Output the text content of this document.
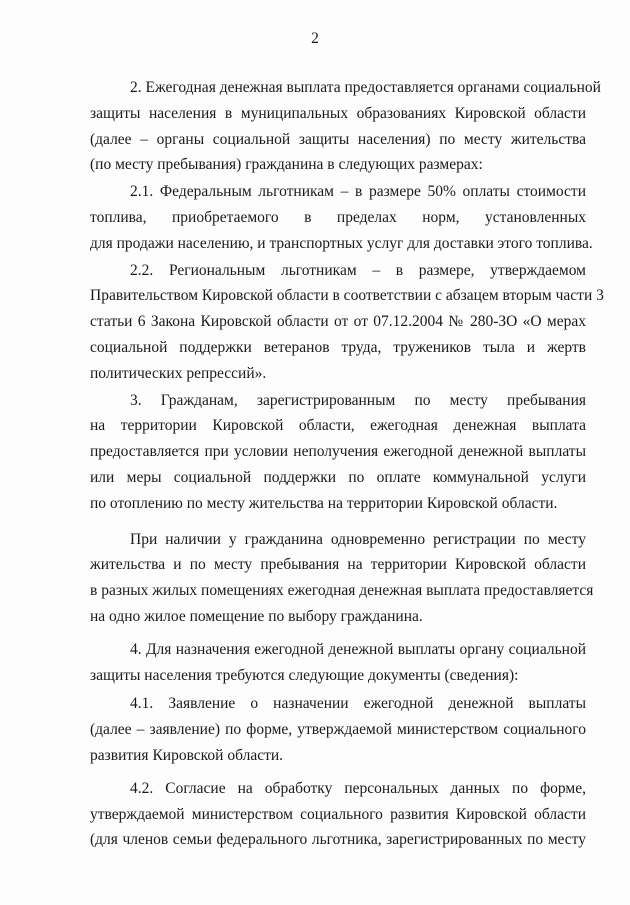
2
2. Ежегодная денежная выплата предоставляется органами социальной
защиты населения в муниципальных образованиях Кировской области
(далее – органы социальной защиты населения) по месту жительства
(по месту пребывания) гражданина в следующих размерах:
2.1. Федеральным льготникам – в размере 50% оплаты стоимости
топлива, приобретаемого в пределах норм, установленных
для продажи населению, и транспортных услуг для доставки этого топлива.
2.2. Региональным льготникам – в размере, утверждаемом
Правительством Кировской области в соответствии с абзацем вторым части 3
статьи 6 Закона Кировской области от от 07.12.2004 № 280-ЗО «О мерах
социальной поддержки ветеранов труда, тружеников тыла и жертв
политических репрессий».
3. Гражданам, зарегистрированным по месту пребывания
на территории Кировской области, ежегодная денежная выплата
предоставляется при условии неполучения ежегодной денежной выплаты
или меры социальной поддержки по оплате коммунальной услуги
по отоплению по месту жительства на территории Кировской области.
При наличии у гражданина одновременно регистрации по месту
жительства и по месту пребывания на территории Кировской области
в разных жилых помещениях ежегодная денежная выплата предоставляется
на одно жилое помещение по выбору гражданина.
4. Для назначения ежегодной денежной выплаты органу социальной
защиты населения требуются следующие документы (сведения):
4.1. Заявление о назначении ежегодной денежной выплаты
(далее – заявление) по форме, утверждаемой министерством социального
развития Кировской области.
4.2. Согласие на обработку персональных данных по форме,
утверждаемой министерством социального развития Кировской области
(для членов семьи федерального льготника, зарегистрированных по месту
